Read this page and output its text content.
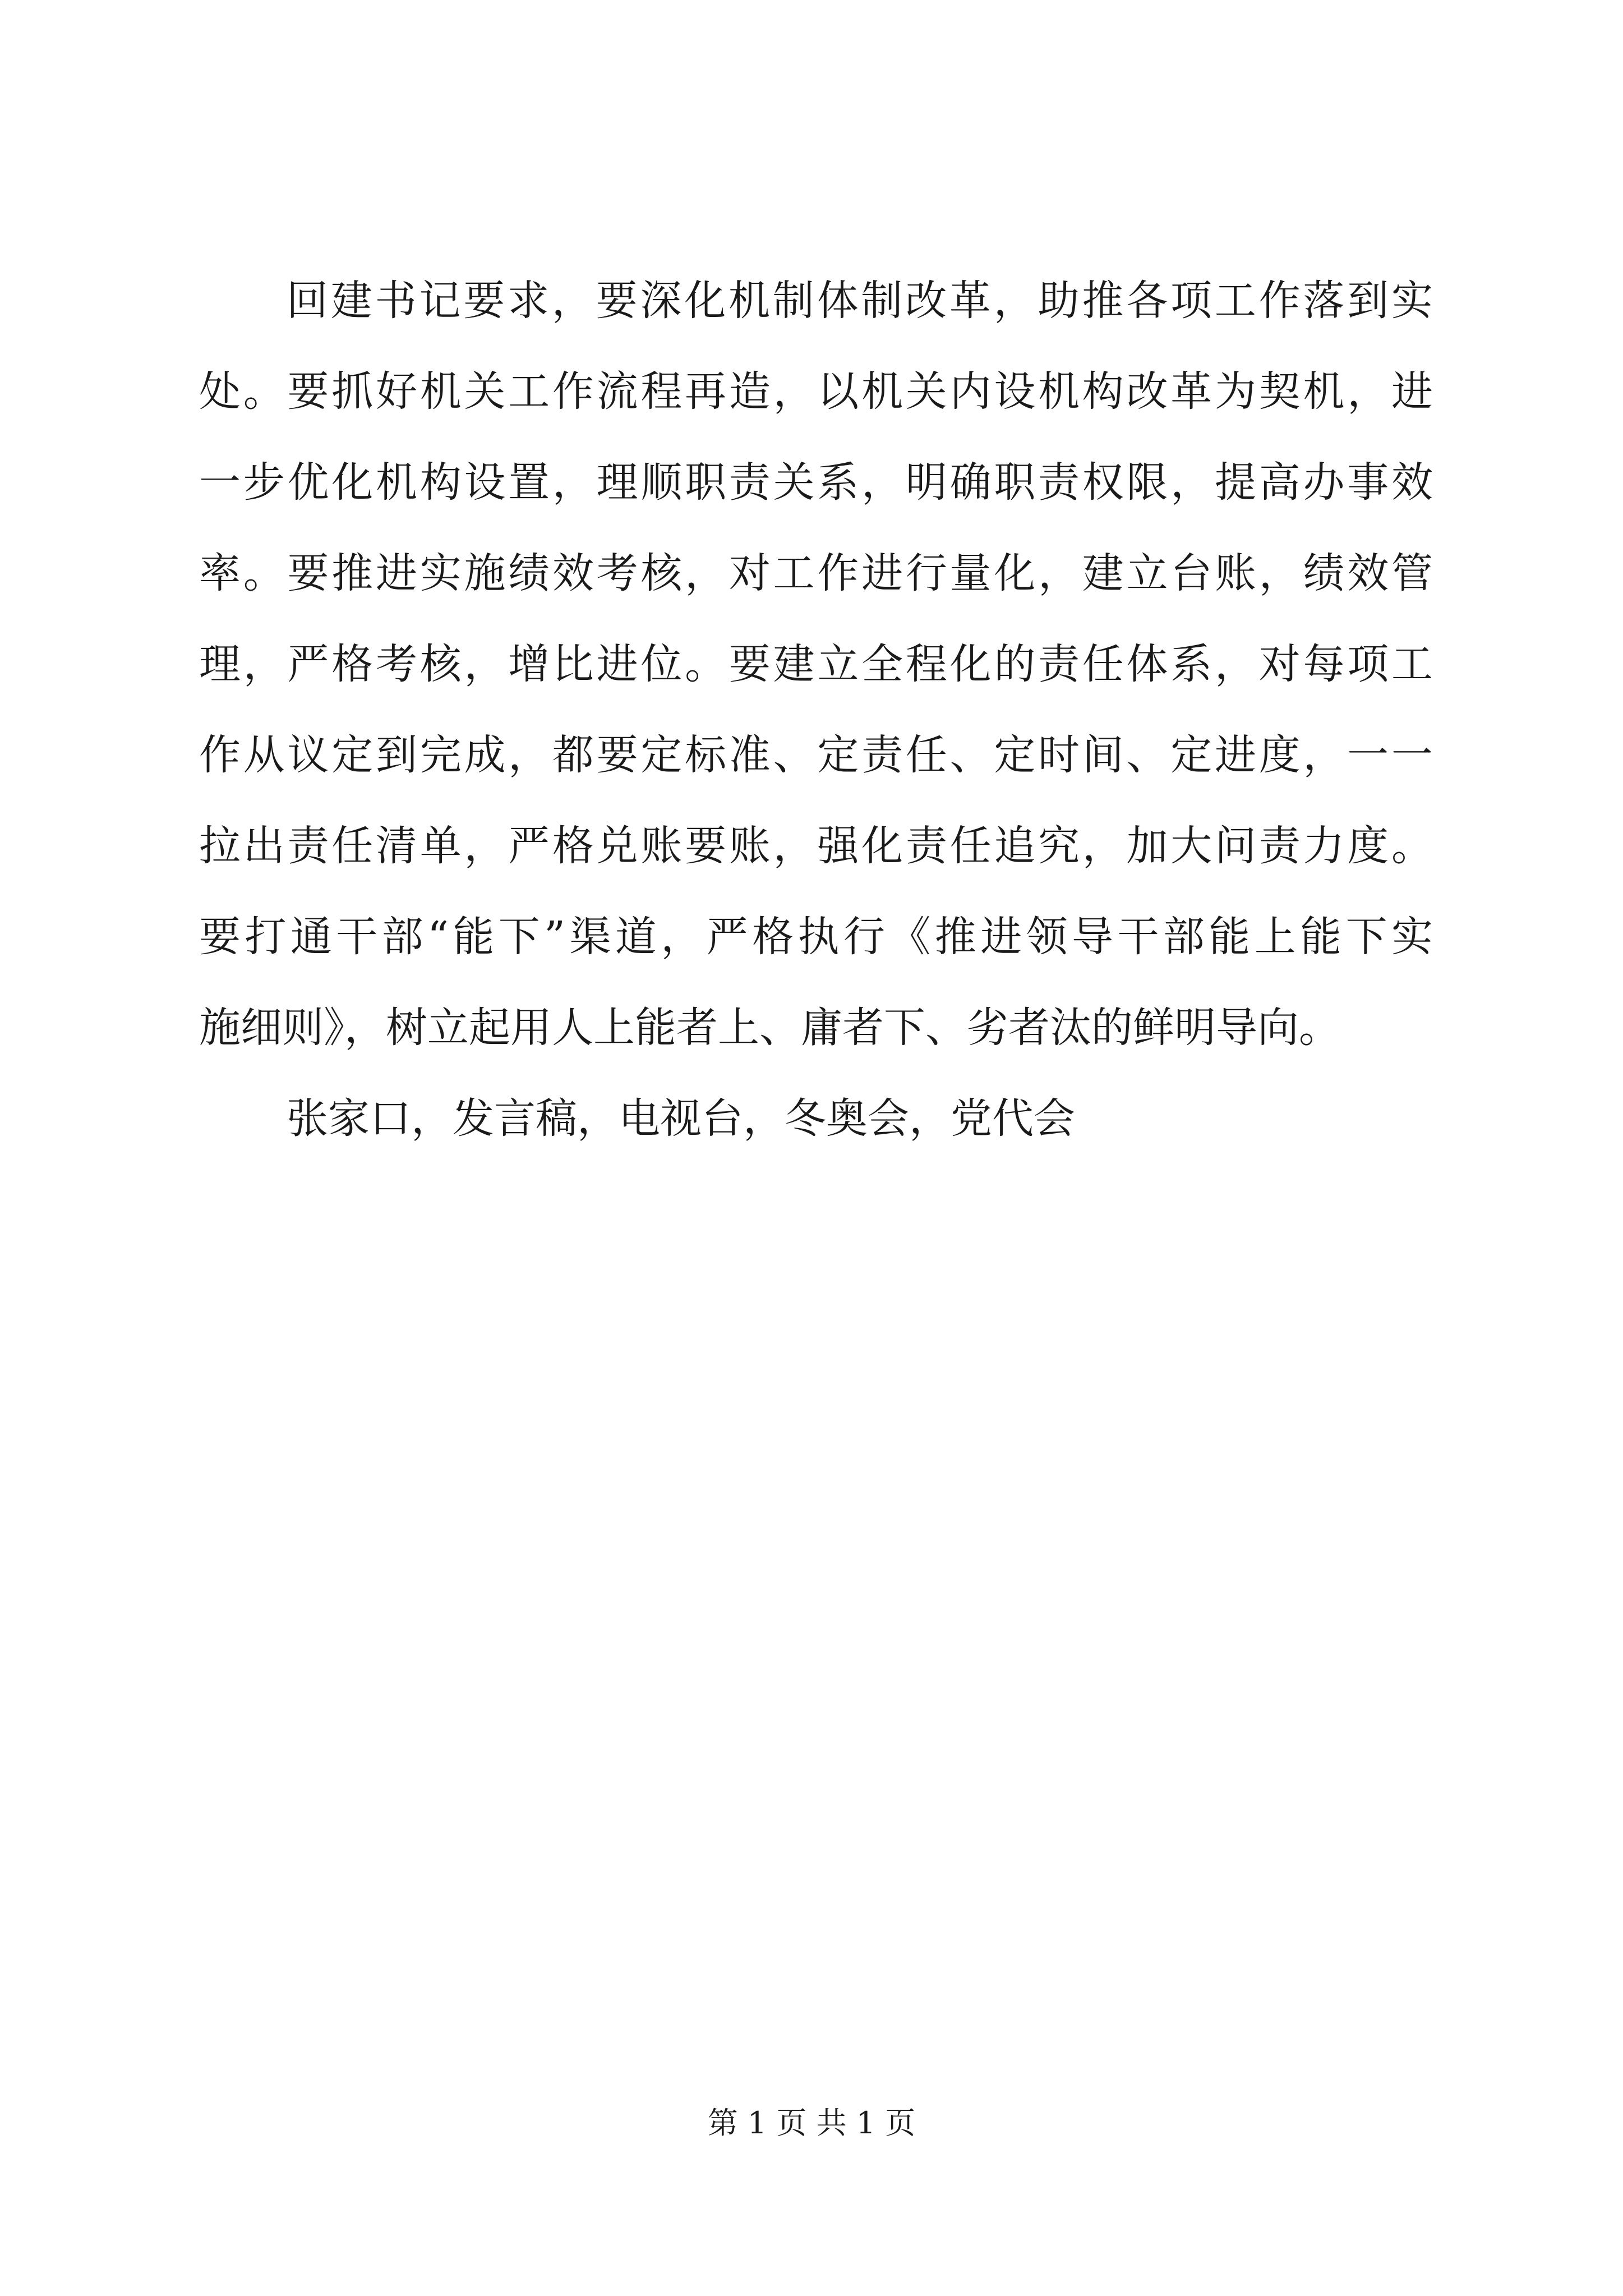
回建书记要求，要深化机制体制改革，助推各项工作落到实
处。要抓好机关工作流程再造，以机关内设机构改革为契机，进
一步优化机构设置，理顺职责关系，明确职责权限，提高办事效
率。要推进实施绩效考核，对工作进行量化，建立台账，绩效管
理，严格考核，增比进位。要建立全程化的责任体系，对每项工
作从议定到完成，都要定标准、定责任、定时间、定进度，一一
拉出责任清单，严格兑账要账，强化责任追究，加大问责力度。
要打通干部“能下”渠道，严格执行《推进领导干部能上能下实
施细则》，树立起用人上能者上、庸者下、劣者汰的鲜明导向。
张家口，发言稿，电视台，冬奥会，党代会
第 1 页 共 1 页
